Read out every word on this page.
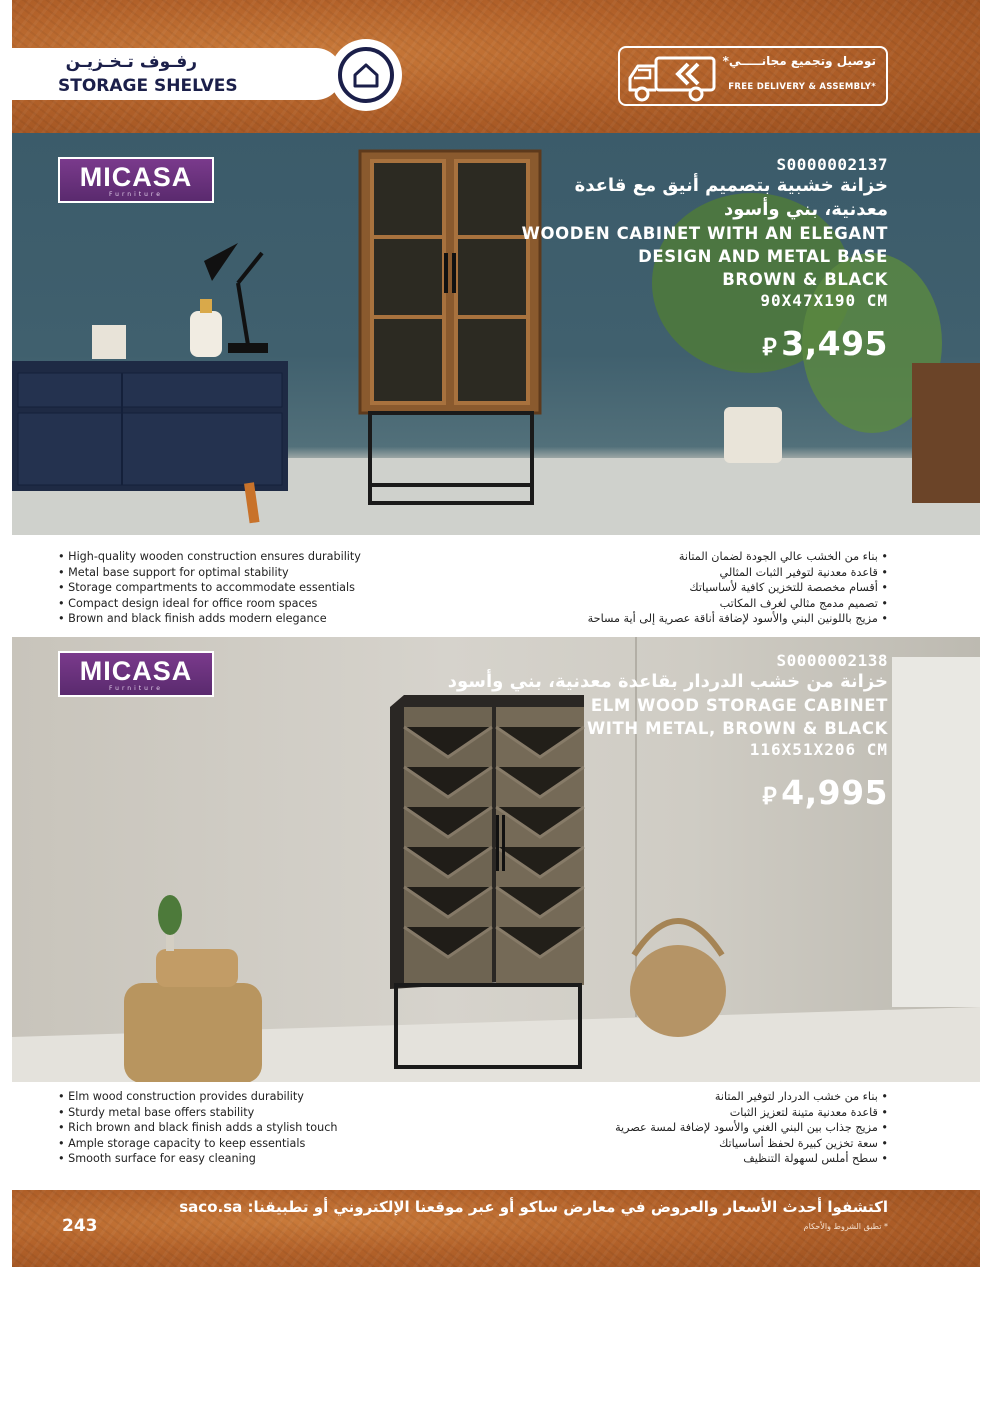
رفـوف تـخـزيـن
STORAGE SHELVES
توصيل وتجميع مجانـــــي*
FREE DELIVERY & ASSEMBLY*
MICASA
Furniture
S0000002137
خزانة خشبية بتصميم أنيق مع قاعدة
معدنية، بني وأسود
WOODEN CABINET WITH AN ELEGANT
DESIGN AND METAL BASE
BROWN & BLACK
90X47X190 CM
⃁ 3,495
• High-quality wooden construction ensures durability
• Metal base support for optimal stability
• Storage compartments to accommodate essentials
• Compact design ideal for office room spaces
• Brown and black finish adds modern elegance
• بناء من الخشب عالي الجودة لضمان المتانة
• قاعدة معدنية لتوفير الثبات المثالي
• أقسام مخصصة للتخزين كافية لأساسياتك
• تصميم مدمج مثالي لغرف المكاتب
• مزيج باللونين البني والأسود لإضافة أناقة عصرية إلى أية مساحة
MICASA
Furniture
S0000002138
خزانة من خشب الدردار بقاعدة معدنية، بني وأسود
ELM WOOD STORAGE CABINET
WITH METAL, BROWN & BLACK
116X51X206 CM
⃁ 4,995
• Elm wood construction provides durability
• Sturdy metal base offers stability
• Rich brown and black finish adds a stylish touch
• Ample storage capacity to keep essentials
• Smooth surface for easy cleaning
• بناء من خشب الدردار لتوفير المتانة
• قاعدة معدنية متينة لتعزيز الثبات
• مزيج جذاب بين البني الغني والأسود لإضافة لمسة عصرية
• سعة تخزين كبيرة لحفظ أساسياتك
• سطح أملس لسهولة التنظيف
اكتشفوا أحدث الأسعار والعروض في معارض ساكو أو عبر موقعنا الإلكتروني أو تطبيقنا: saco.sa
* تطبق الشروط والأحكام
243
